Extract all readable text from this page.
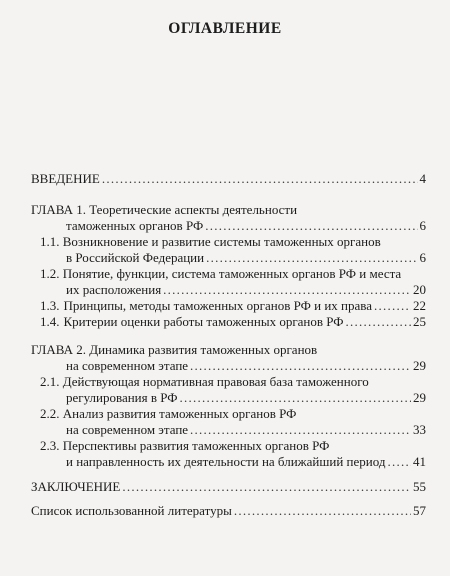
ОГЛАВЛЕНИЕ
ВВЕДЕНИЕ . . .	4
ГЛАВА 1. Теоретические аспекты деятельности
таможенных органов РФ . . .	6
1.1. Возникновение и развитие системы таможенных органов
в Российской Федерации . . .	6
1.2. Понятие, функции, система таможенных органов РФ и места
их расположения . . .	20
1.3. Принципы, методы таможенных органов РФ и их права . . .	22
1.4. Критерии оценки работы таможенных органов РФ . . .	25
ГЛАВА 2. Динамика развития таможенных органов
на современном этапе . . .	29
2.1. Действующая нормативная правовая база таможенного
регулирования в РФ . . .	29
2.2. Анализ развития таможенных органов РФ
на современном этапе . . .	33
2.3. Перспективы развития таможенных органов РФ
и направленность их деятельности на ближайший период . . . 41
ЗАКЛЮЧЕНИЕ . . .	55
Список использованной литературы . . .	57
